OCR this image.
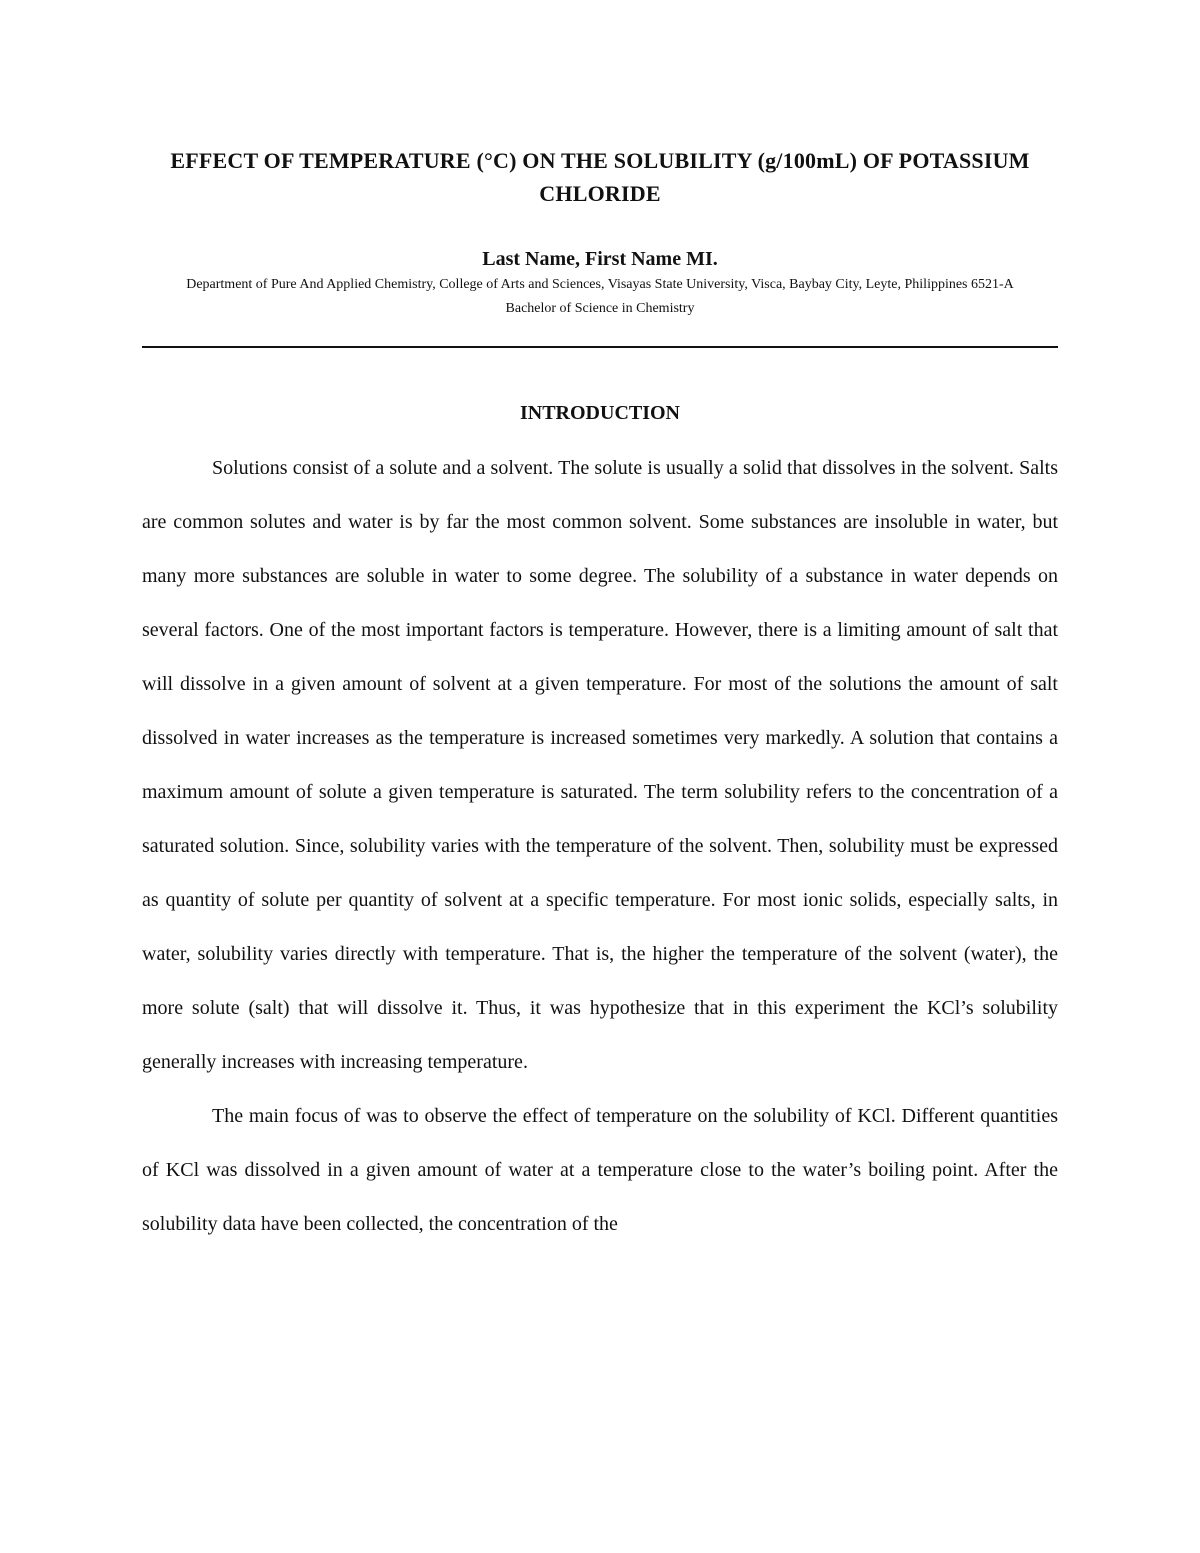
EFFECT OF TEMPERATURE (°C) ON THE SOLUBILITY (g/100mL) OF POTASSIUM CHLORIDE
Last Name, First Name MI.
Department of Pure And Applied Chemistry, College of Arts and Sciences, Visayas State University, Visca, Baybay City, Leyte, Philippines 6521-A
Bachelor of Science in Chemistry
INTRODUCTION

Solutions consist of a solute and a solvent. The solute is usually a solid that dissolves in the solvent. Salts are common solutes and water is by far the most common solvent. Some substances are insoluble in water, but many more substances are soluble in water to some degree. The solubility of a substance in water depends on several factors. One of the most important factors is temperature. However, there is a limiting amount of salt that will dissolve in a given amount of solvent at a given temperature. For most of the solutions the amount of salt dissolved in water increases as the temperature is increased sometimes very markedly. A solution that contains a maximum amount of solute a given temperature is saturated. The term solubility refers to the concentration of a saturated solution. Since, solubility varies with the temperature of the solvent. Then, solubility must be expressed as quantity of solute per quantity of solvent at a specific temperature. For most ionic solids, especially salts, in water, solubility varies directly with temperature. That is, the higher the temperature of the solvent (water), the more solute (salt) that will dissolve it. Thus, it was hypothesize that in this experiment the KCl’s solubility generally increases with increasing temperature.

The main focus of was to observe the effect of temperature on the solubility of KCl. Different quantities of KCl was dissolved in a given amount of water at a temperature close to the water’s boiling point. After the solubility data have been collected, the concentration of the
